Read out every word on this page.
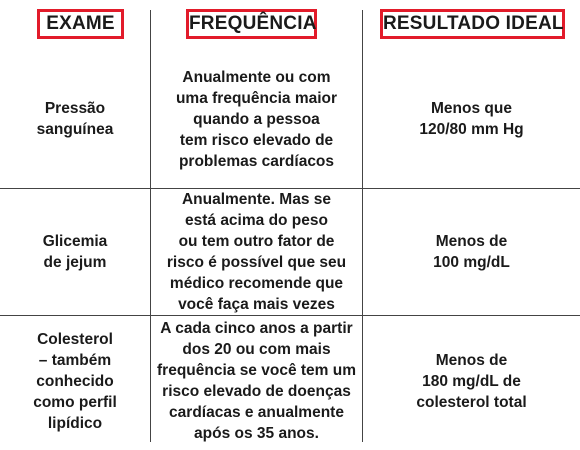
EXAME	FREQUÊNCIA	RESULTADO IDEAL
Pressão
sanguínea
Anualmente ou com
uma frequência maior
quando a pessoa
tem risco elevado de
problemas cardíacos
Menos que
120/80 mm Hg
Glicemia
de jejum
Anualmente. Mas se
está acima do peso
ou tem outro fator de
risco é possível que seu
médico recomende que
você faça mais vezes
Menos de
100 mg/dL
Colesterol
– também
conhecido
como perfil
lipídico
A cada cinco anos a partir
dos 20 ou com mais
frequência se você tem um
risco elevado de doenças
cardíacas e anualmente
após os 35 anos.
Menos de
180 mg/dL de
colesterol total
